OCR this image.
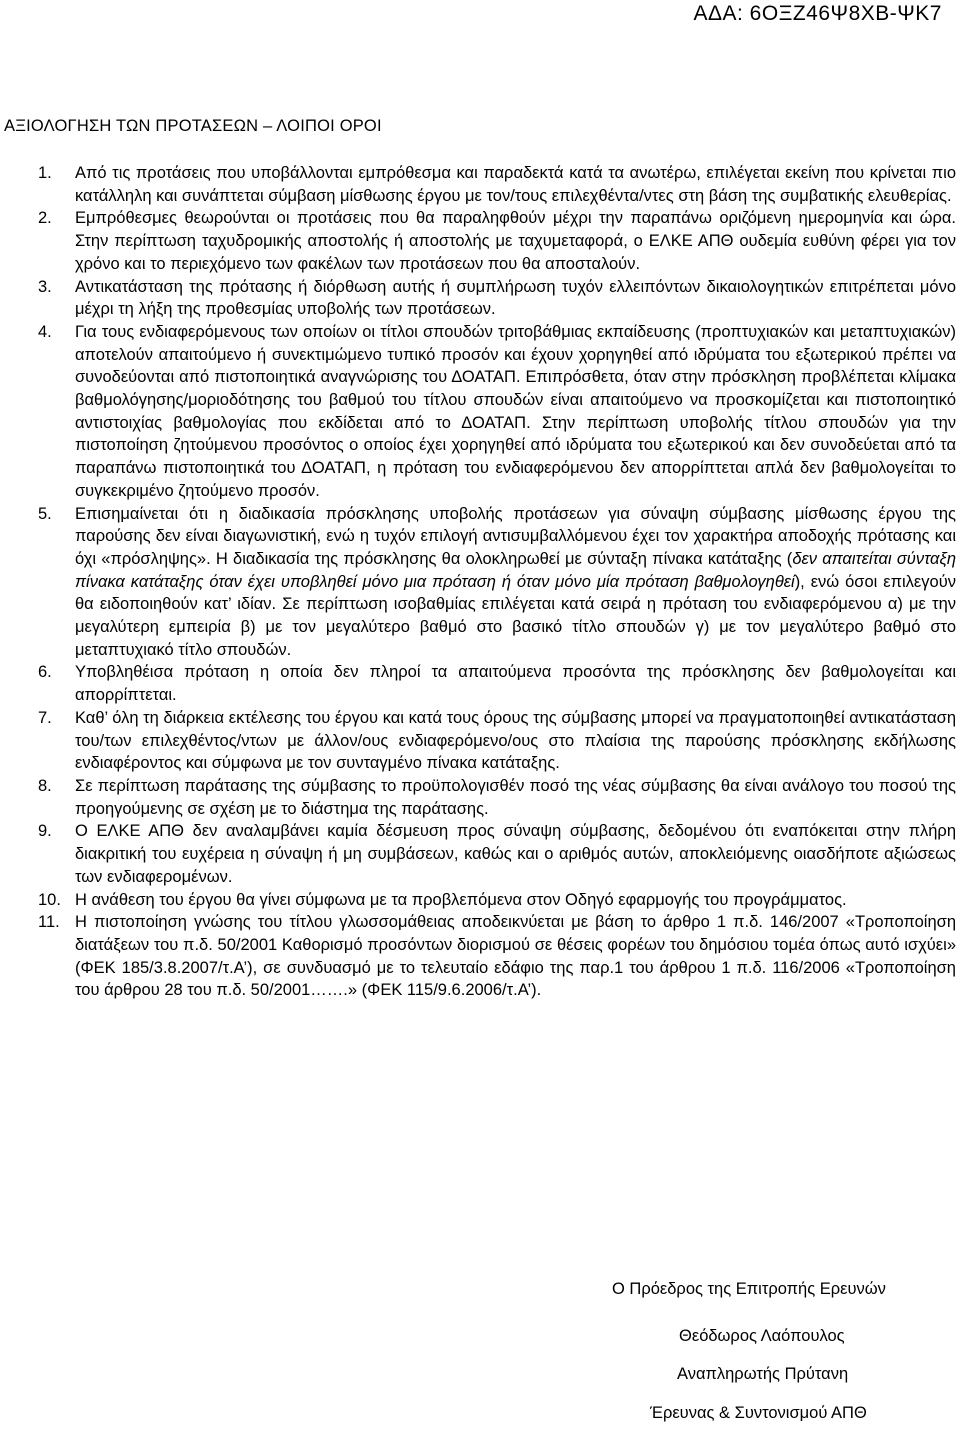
ΑΔΑ: 6ΟΞΖ46Ψ8ΧΒ-ΨΚ7
ΑΞΙΟΛΟΓΗΣΗ ΤΩΝ ΠΡΟΤΑΣΕΩΝ – ΛΟΙΠΟΙ ΟΡΟΙ
1. Από τις προτάσεις που υποβάλλονται εμπρόθεσμα και παραδεκτά κατά τα ανωτέρω, επιλέγεται εκείνη που κρίνεται πιο κατάλληλη και συνάπτεται σύμβαση μίσθωσης έργου με τον/τους επιλεχθέντα/ντες στη βάση της συμβατικής ελευθερίας.
2. Εμπρόθεσμες θεωρούνται οι προτάσεις που θα παραληφθούν μέχρι την παραπάνω οριζόμενη ημερομηνία και ώρα. Στην περίπτωση ταχυδρομικής αποστολής ή αποστολής με ταχυμεταφορά, ο ΕΛΚΕ ΑΠΘ ουδεμία ευθύνη φέρει για τον χρόνο και το περιεχόμενο των φακέλων των προτάσεων που θα αποσταλούν.
3. Αντικατάσταση της πρότασης ή διόρθωση αυτής ή συμπλήρωση τυχόν ελλειπόντων δικαιολογητικών επιτρέπεται μόνο μέχρι τη λήξη της προθεσμίας υποβολής των προτάσεων.
4. Για τους ενδιαφερόμενους των οποίων οι τίτλοι σπουδών τριτοβάθμιας εκπαίδευσης (προπτυχιακών και μεταπτυχιακών) αποτελούν απαιτούμενο ή συνεκτιμώμενο τυπικό προσόν και έχουν χορηγηθεί από ιδρύματα του εξωτερικού πρέπει να συνοδεύονται από πιστοποιητικά αναγνώρισης του ΔΟΑΤΑΠ. Επιπρόσθετα, όταν στην πρόσκληση προβλέπεται κλίμακα βαθμολόγησης/μοριοδότησης του βαθμού του τίτλου σπουδών είναι απαιτούμενο να προσκομίζεται και πιστοποιητικό αντιστοιχίας βαθμολογίας που εκδίδεται από το ΔΟΑΤΑΠ. Στην περίπτωση υποβολής τίτλου σπουδών για την πιστοποίηση ζητούμενου προσόντος ο οποίος έχει χορηγηθεί από ιδρύματα του εξωτερικού και δεν συνοδεύεται από τα παραπάνω πιστοποιητικά του ΔΟΑΤΑΠ, η πρόταση του ενδιαφερόμενου δεν απορρίπτεται απλά δεν βαθμολογείται το συγκεκριμένο ζητούμενο προσόν.
5. Επισημαίνεται ότι η διαδικασία πρόσκλησης υποβολής προτάσεων για σύναψη σύμβασης μίσθωσης έργου της παρούσης δεν είναι διαγωνιστική, ενώ η τυχόν επιλογή αντισυμβαλλόμενου έχει τον χαρακτήρα αποδοχής πρότασης και όχι «πρόσληψης». Η διαδικασία της πρόσκλησης θα ολοκληρωθεί με σύνταξη πίνακα κατάταξης (δεν απαιτείται σύνταξη πίνακα κατάταξης όταν έχει υποβληθεί μόνο μια πρόταση ή όταν μόνο μία πρόταση βαθμολογηθεί), ενώ όσοι επιλεγούν θα ειδοποιηθούν κατ’ ιδίαν. Σε περίπτωση ισοβαθμίας επιλέγεται κατά σειρά η πρόταση του ενδιαφερόμενου α) με την μεγαλύτερη εμπειρία β) με τον μεγαλύτερο βαθμό στο βασικό τίτλο σπουδών γ) με τον μεγαλύτερο βαθμό στο μεταπτυχιακό τίτλο σπουδών.
6. Υποβληθέισα πρόταση η οποία δεν πληροί τα απαιτούμενα προσόντα της πρόσκλησης δεν βαθμολογείται και απορρίπτεται.
7. Καθ’ όλη τη διάρκεια εκτέλεσης του έργου και κατά τους όρους της σύμβασης μπορεί να πραγματοποιηθεί αντικατάσταση του/των επιλεχθέντος/ντων με άλλον/ους ενδιαφερόμενο/ους στο πλαίσια της παρούσης πρόσκλησης εκδήλωσης ενδιαφέροντος και σύμφωνα με τον συνταγμένο πίνακα κατάταξης.
8. Σε περίπτωση παράτασης της σύμβασης το προϋπολογισθέν ποσό της νέας σύμβασης θα είναι ανάλογο του ποσού της προηγούμενης σε σχέση με το διάστημα της παράτασης.
9. Ο ΕΛΚΕ ΑΠΘ δεν αναλαμβάνει καμία δέσμευση προς σύναψη σύμβασης, δεδομένου ότι εναπόκειται στην πλήρη διακριτική του ευχέρεια η σύναψη ή μη συμβάσεων, καθώς και ο αριθμός αυτών, αποκλειόμενης οιασδήποτε αξιώσεως των ενδιαφερομένων.
10. Η ανάθεση του έργου θα γίνει σύμφωνα με τα προβλεπόμενα στον Οδηγό εφαρμογής του προγράμματος.
11. Η πιστοποίηση γνώσης του τίτλου γλωσσομάθειας αποδεικνύεται με βάση το άρθρο 1 π.δ. 146/2007 «Τροποποίηση διατάξεων του π.δ. 50/2001 Καθορισμό προσόντων διορισμού σε θέσεις φορέων του δημόσιου τομέα όπως αυτό ισχύει» (ΦΕΚ 185/3.8.2007/τ.Α’), σε συνδυασμό με το τελευταίο εδάφιο της παρ.1 του άρθρου 1 π.δ. 116/2006 «Τροποποίηση του άρθρου 28 του π.δ. 50/2001…….» (ΦΕΚ 115/9.6.2006/τ.Α’).
Ο Πρόεδρος της Επιτροπής Ερευνών
Θεόδωρος Λαόπουλος
Αναπληρωτής Πρύτανη
Έρευνας & Συντονισμού ΑΠΘ
